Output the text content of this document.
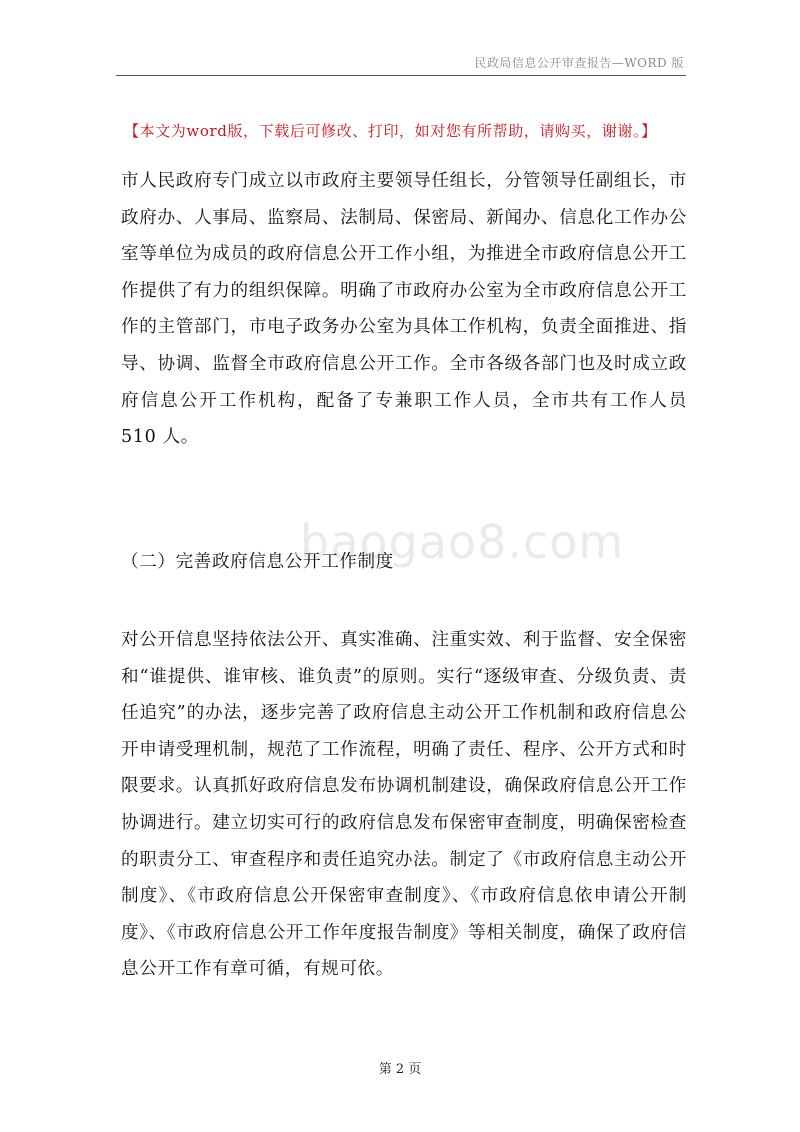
民政局信息公开审查报告—WORD 版
【本文为word版，下载后可修改、打印，如对您有所帮助，请购买，谢谢。】

市人民政府专门成立以市政府主要领导任组长，分管领导任副组长，市政府办、人事局、监察局、法制局、保密局、新闻办、信息化工作办公室等单位为成员的政府信息公开工作小组，为推进全市政府信息公开工作提供了有力的组织保障。明确了市政府办公室为全市政府信息公开工作的主管部门，市电子政务办公室为具体工作机构，负责全面推进、指导、协调、监督全市政府信息公开工作。全市各级各部门也及时成立政府信息公开工作机构，配备了专兼职工作人员，全市共有工作人员 510 人。

baogao8.com
（二）完善政府信息公开工作制度

对公开信息坚持依法公开、真实准确、注重实效、利于监督、安全保密和“谁提供、谁审核、谁负责”的原则。实行“逐级审查、分级负责、责任追究”的办法，逐步完善了政府信息主动公开工作机制和政府信息公开申请受理机制，规范了工作流程，明确了责任、程序、公开方式和时限要求。认真抓好政府信息发布协调机制建设，确保政府信息公开工作协调进行。建立切实可行的政府信息发布保密审查制度，明确保密检查的职责分工、审查程序和责任追究办法。制定了《市政府信息主动公开制度》、《市政府信息公开保密审查制度》、《市政府信息依申请公开制度》、《市政府信息公开工作年度报告制度》等相关制度，确保了政府信息公开工作有章可循，有规可依。

第 2 页
